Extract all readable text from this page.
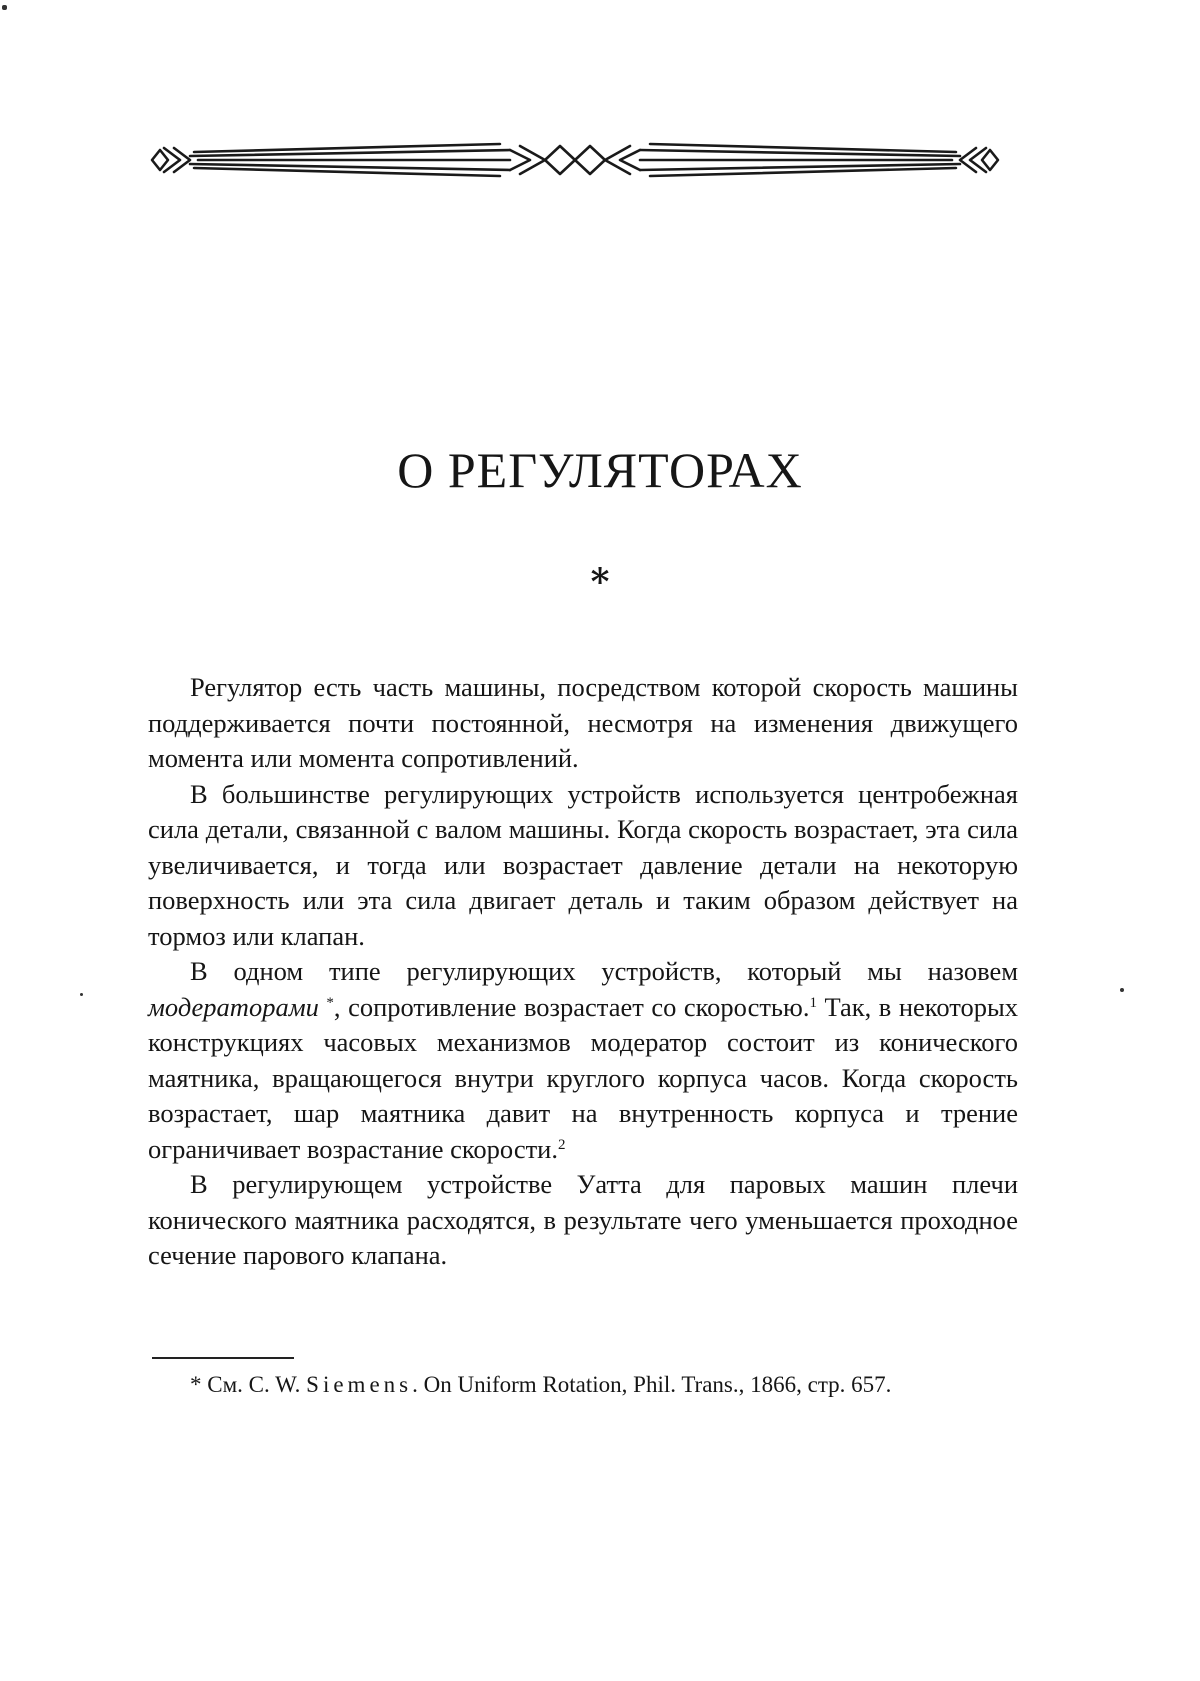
О РЕГУЛЯТОРАХ
*

Регулятор есть часть машины, посредством которой скорость машины поддерживается почти постоянной, несмотря на изменения движущего момента или момента сопротивлений.

В большинстве регулирующих устройств используется центробежная сила детали, связанной с валом машины. Когда скорость возрастает, эта сила увеличивается, и тогда или возрастает давление детали на некоторую поверхность или эта сила двигает деталь и таким образом действует на тормоз или клапан.

В одном типе регулирующих устройств, который мы назовем модераторами *, сопротивление возрастает со скоростью.$^1$ Так, в некоторых конструкциях часовых механизмов модератор состоит из конического маятника, вращающегося внутри круглого корпуса часов. Когда скорость возрастает, шар маятника давит на внутренность корпуса и трение ограничивает возрастание скорости.$^2$

В регулирующем устройстве Уатта для паровых машин плечи конического маятника расходятся, в результате чего уменьшается проходное сечение парового клапана.

* См. C. W. Siemens. On Uniform Rotation, Phil. Trans., 1866, стр. 657.
